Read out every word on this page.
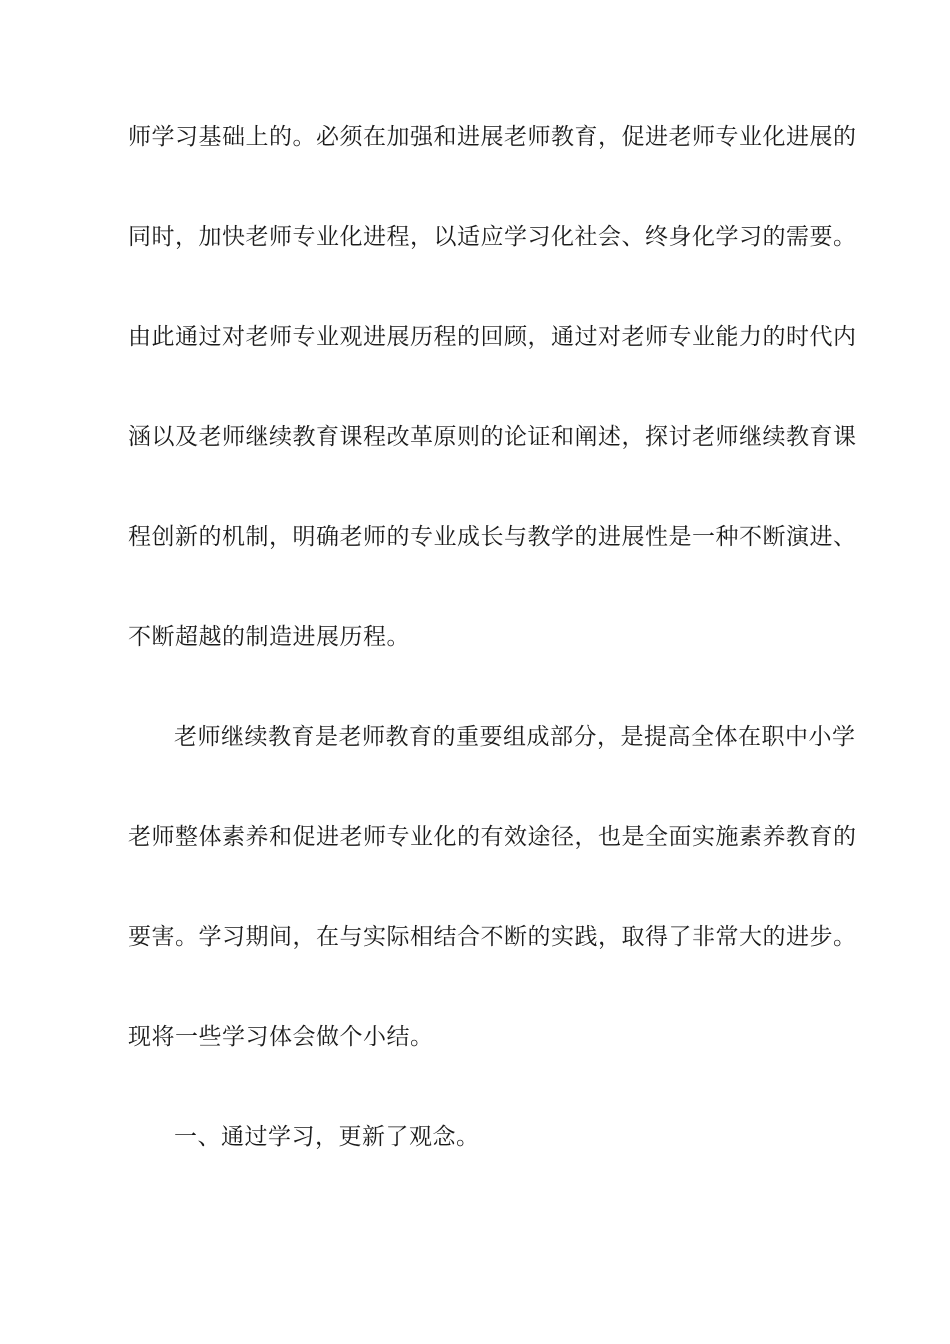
师学习基础上的。必须在加强和进展老师教育，促进老师专业化进展的
同时，加快老师专业化进程，以适应学习化社会、终身化学习的需要。
由此通过对老师专业观进展历程的回顾，通过对老师专业能力的时代内
涵以及老师继续教育课程改革原则的论证和阐述，探讨老师继续教育课
程创新的机制，明确老师的专业成长与教学的进展性是一种不断演进、
不断超越的制造进展历程。
老师继续教育是老师教育的重要组成部分，是提高全体在职中小学
老师整体素养和促进老师专业化的有效途径，也是全面实施素养教育的
要害。学习期间，在与实际相结合不断的实践，取得了非常大的进步。
现将一些学习体会做个小结。
一、通过学习，更新了观念。
